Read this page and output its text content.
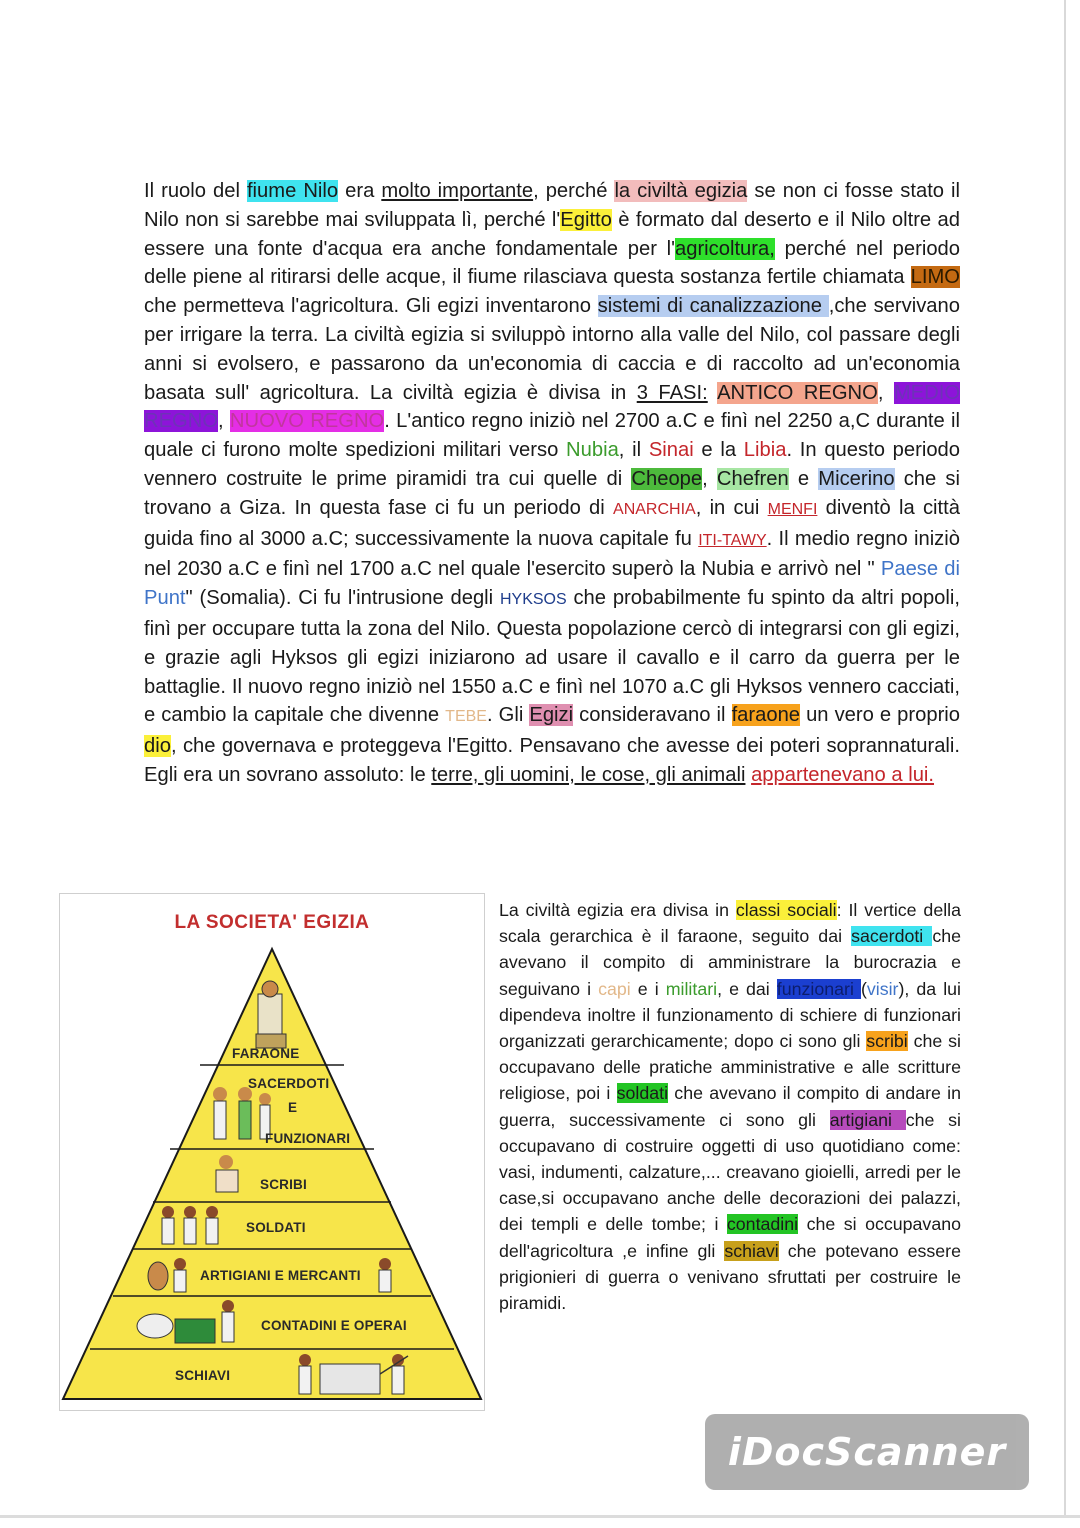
Il ruolo del fiume Nilo era molto importante, perché la civiltà egizia se non ci fosse stato il Nilo non si sarebbe mai sviluppata lì, perché l'Egitto è formato dal deserto e il Nilo oltre ad essere una fonte d'acqua era anche fondamentale per l'agricoltura, perché nel periodo delle piene al ritirarsi delle acque, il fiume rilasciava questa sostanza fertile chiamata LIMO che permetteva l'agricoltura. Gli egizi inventarono sistemi di canalizzazione ,che servivano per irrigare la terra. La civiltà egizia si sviluppò intorno alla valle del Nilo, col passare degli anni si evolsero, e passarono da un'economia di caccia e di raccolto ad un'economia basata sull' agricoltura. La civiltà egizia è divisa in 3 FASI: ANTICO REGNO, MEDIO REGNO, NUOVO REGNO. L'antico regno iniziò nel 2700 a.C e finì nel 2250 a,C durante il quale ci furono molte spedizioni militari verso Nubia, il Sinai e la Libia. In questo periodo vennero costruite le prime piramidi tra cui quelle di Cheope, Chefren e Micerino che si trovano a Giza. In questa fase ci fu un periodo di ANARCHIA, in cui MENFI diventò la città guida fino al 3000 a.C; successivamente la nuova capitale fu ITI-TAWY. Il medio regno iniziò nel 2030 a.C e finì nel 1700 a.C nel quale l'esercito superò la Nubia e arrivò nel " Paese di Punt" (Somalia). Ci fu l'intrusione degli HYKSOS che probabilmente fu spinto da altri popoli, finì per occupare tutta la zona del Nilo. Questa popolazione cercò di integrarsi con gli egizi, e grazie agli Hyksos gli egizi iniziarono ad usare il cavallo e il carro da guerra per le battaglie. Il nuovo regno iniziò nel 1550 a.C e finì nel 1070 a.C gli Hyksos vennero cacciati, e cambio la capitale che divenne TEBE. Gli Egizi consideravano il faraone un vero e proprio dio, che governava e proteggeva l'Egitto. Pensavano che avesse dei poteri soprannaturali. Egli era un sovrano assoluto: le terre, gli uomini, le cose, gli animali appartenevano a lui.
LA SOCIETA' EGIZIA
FARAONE
SACERDOTI
E
FUNZIONARI
SCRIBI
SOLDATI
ARTIGIANI E MERCANTI
CONTADINI E OPERAI
SCHIAVI
La civiltà egizia era divisa in classi sociali: Il vertice della scala gerarchica è il faraone, seguito dai sacerdoti che avevano il compito di amministrare la burocrazia e seguivano i capi e i militari, e dai funzionari (visir), da lui dipendeva inoltre il funzionamento di schiere di funzionari organizzati gerarchicamente; dopo ci sono gli scribi che si occupavano delle pratiche amministrative e alle scritture religiose, poi i soldati che avevano il compito di andare in guerra, successivamente ci sono gli artigiani che si occupavano di costruire oggetti di uso quotidiano come: vasi, indumenti, calzature,... creavano gioielli, arredi per le case,si occupavano anche delle decorazioni dei palazzi, dei templi e delle tombe; i contadini che si occupavano dell'agricoltura ,e infine gli schiavi che potevano essere prigionieri di guerra o venivano sfruttati per costruire le piramidi.
iDocScanner
